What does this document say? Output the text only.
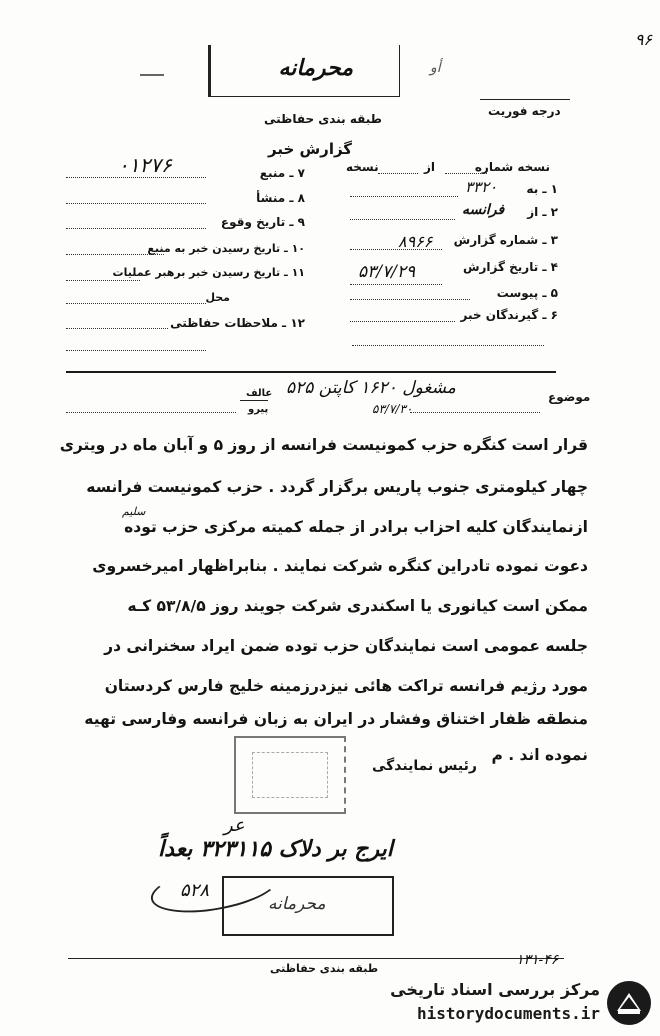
۹۶
محرمانه	أو
طبقه بندی حفاظتی
درجه فوریت
گزارش خبر
نسخه شماره
از
نسخه
۱ ـ به
۳۳۲۰
۲ ـ از
فرانسه
۳ ـ شماره گزارش
۸۹۶۶
۴ ـ تاریخ گزارش
۵۳/۷/۲۹
۵ ـ پیوست
۶ ـ گیرندگان خبر
۰۱۲۷۶	۷ ـ منبع
۸ ـ منشأ
۹ ـ تاریخ وقوع
۱۰ ـ تاریخ رسیدن خبر به منبع
۱۱ ـ تاریخ رسیدن خبر برهبر عملیات
محل
۱۲ ـ ملاحظات حفاظتی
موضوع
مشغول ۱۶۲۰ کاپتن ۵۲۵
۵۳/۷/۳۰
عالف
پیرو
قرار است کنگره حزب کمونیست فرانسه از روز ۵ و آبان ماه در ویتری
چهار کیلومتری جنوب پاریس برگزار گردد . حزب کمونیست فرانسه
سلیم
ازنمایندگان کلیه احزاب برادر از جمله کمیته مرکزی حزب توده
دعوت نموده تادراین کنگره شرکت نمایند . بنابراظهار امیرخسروی
ممکن است کیانوری یا اسکندری شرکت جویند روز ۵۳/۸/۵ کـه
جلسه عمومی است نمایندگان حزب توده ضمن ایراد سخنرانی در
مورد رژیم فرانسه تراکت هائی نیزدرزمینه خلیج فارس کردستان
منطقه ظفار اختناق وفشار در ایران به زبان فرانسه وفارسی تهیه
نموده اند . م
رئیس نمایندگی
عر
ایرج بر دلاک ۳۲۳۱۱۵ بعداً
۵۲۸
محرمانه
طبقه بندی حفاظتی
۱۳۱-۴۶
مرکز بررسی اسناد تاریخی
historydocuments.ir
